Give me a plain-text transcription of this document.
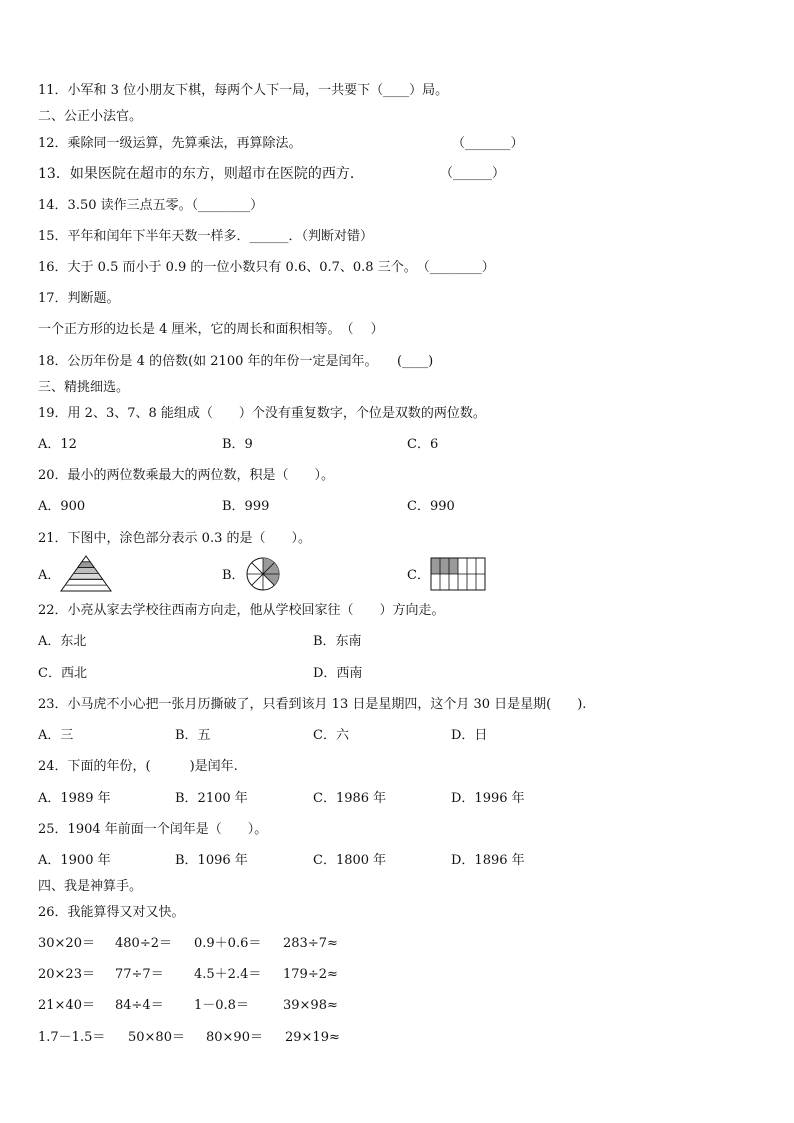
11．小军和 3 位小朋友下棋，每两个人下一局，一共要下（____）局。
二、公正小法官。
12．乘除同一级运算，先算乘法，再算除法。	（_______）
13．如果医院在超市的东方，则超市在医院的西方．	（______）
14．3.50 读作三点五零。（________）
15．平年和闰年下半年天数一样多．______．（判断对错）
16．大于 0.5 而小于 0.9 的一位小数只有 0.6、0.7、0.8 三个。　（________）
17．判断题。
一个正方形的边长是 4 厘米，它的周长和面积相等。　（　 ）
18．公历年份是 4 的倍数(如 2100 年的年份一定是闰年。　　(____)
三、精挑细选。
19．用 2、3、7、8 能组成（　　）个没有重复数字，个位是双数的两位数。
A．12	B．9	C．6
20．最小的两位数乘最大的两位数，积是（　　）。
A．900	B．999	C．990
21．下图中，涂色部分表示 0.3 的是（　　）。
A．	B．	C．
22．小亮从家去学校往西南方向走，他从学校回家往（　　）方向走。
A．东北	B．东南
C．西北	D．西南
23．小马虎不小心把一张月历撕破了，只看到该月 13 日是星期四，这个月 30 日是星期(　　).
A．三	B．五	C．六	D．日
24．下面的年份，(　　　)是闰年.
A．1989 年	B．2100 年	C．1986 年	D．1996 年
25．1904 年前面一个闰年是（　　）。
A．1900 年	B．1096 年	C．1800 年	D．1896 年
四、我是神算手。
26．我能算得又对又快。
30×20＝ 480÷2＝ 0.9＋0.6＝ 283÷7≈
20×23＝ 77÷7＝ 4.5＋2.4＝ 179÷2≈
21×40＝ 84÷4＝ 1－0.8＝	39×98≈
1.7－1.5＝ 50×80＝ 80×90＝ 29×19≈
